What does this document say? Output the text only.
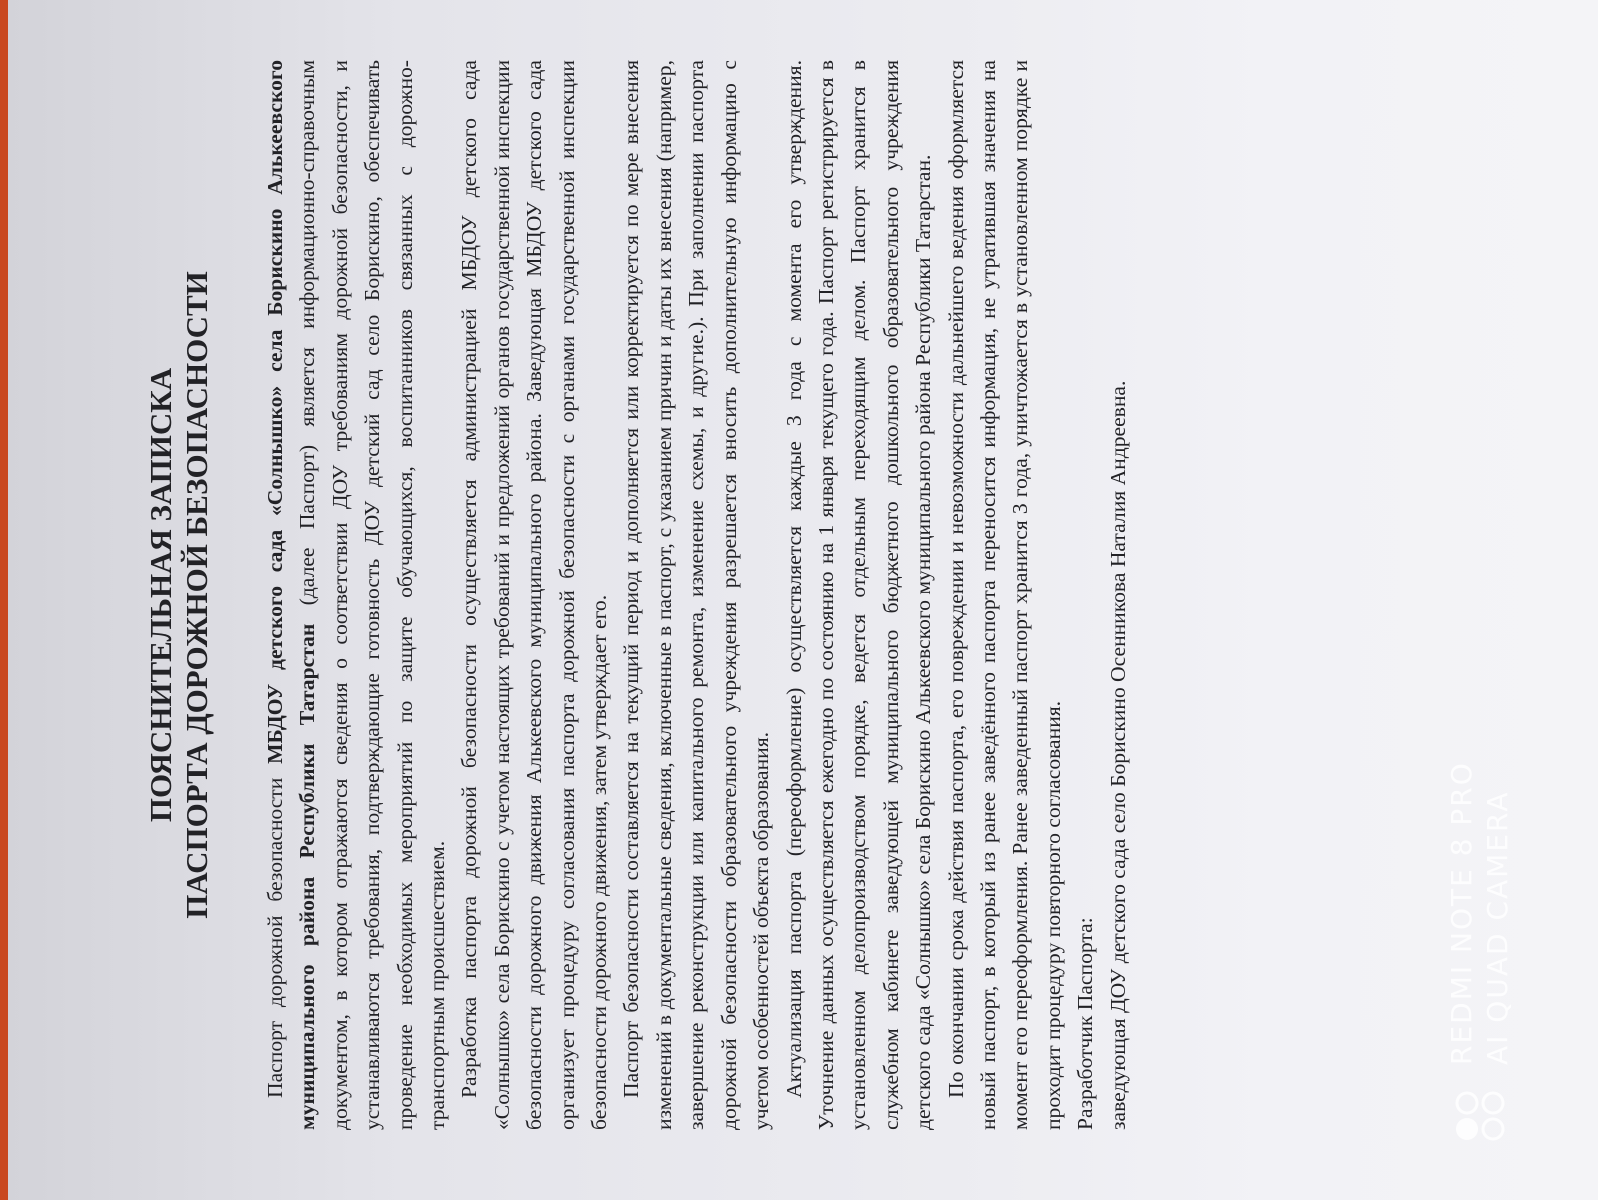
ПОЯСНИТЕЛЬНАЯ ЗАПИСКА ПАСПОРТА ДОРОЖНОЙ БЕЗОПАСНОСТИ

Паспорт дорожной безопасности МБДОУ детского сада «Солнышко» села Борискино Алькеевского муниципального района Республики Татарстан (далее Паспорт) является информационно-справочным документом, в котором отражаются сведения о соответствии ДОУ требованиям дорожной безопасности, и устанавливаются требования, подтверждающие готовность ДОУ детский сад село Борискино, обеспечивать проведение необходимых мероприятий по защите обучающихся, воспитанников связанных с дорожно- транспортным происшествием. Разработка паспорта дорожной безопасности осуществляется администрацией МБДОУ детского сада «Солнышко» села Борискино с учетом настоящих требований и предложений органов государственной инспекции безопасности дорожного движения Алькеевского муниципального района. Заведующая МБДОУ детского сада организует процедуру согласования паспорта дорожной безопасности с органами государственной инспекции безопасности дорожного движения, затем утверждает его. Паспорт безопасности составляется на текущий период и дополняется или корректируется по мере внесения изменений в документальные сведения, включенные в паспорт, с указанием причин и даты их внесения (например, завершение реконструкции или капитального ремонта, изменение схемы, и другие.). При заполнении паспорта дорожной безопасности образовательного учреждения разрешается вносить дополнительную информацию с учетом особенностей объекта образования. Актуализация паспорта (переоформление) осуществляется каждые 3 года с момента его утверждения. Уточнение данных осуществляется ежегодно по состоянию на 1 января текущего года. Паспорт регистрируется в установленном делопроизводством порядке, ведется отдельным переходящим делом. Паспорт хранится в служебном кабинете заведующей муниципального бюджетного дошкольного образовательного учреждения детского сада «Солнышко» села Борискино Алькеевского муниципального района Республики Татарстан. По окончании срока действия паспорта, его повреждении и невозможности дальнейшего ведения оформляется новый паспорт, в который из ранее заведённого паспорта переносится информация, не утратившая значения на момент его переоформления. Ранее заведенный паспорт хранится 3 года, уничтожается в установленном порядке и проходит процедуру повторного согласования. Разработчик Паспорта: заведующая ДОУ детского сада село Борискино Осенникова Наталия Андреевна.	REDMI NOTE 8 PRO AI QUAD CAMERA
